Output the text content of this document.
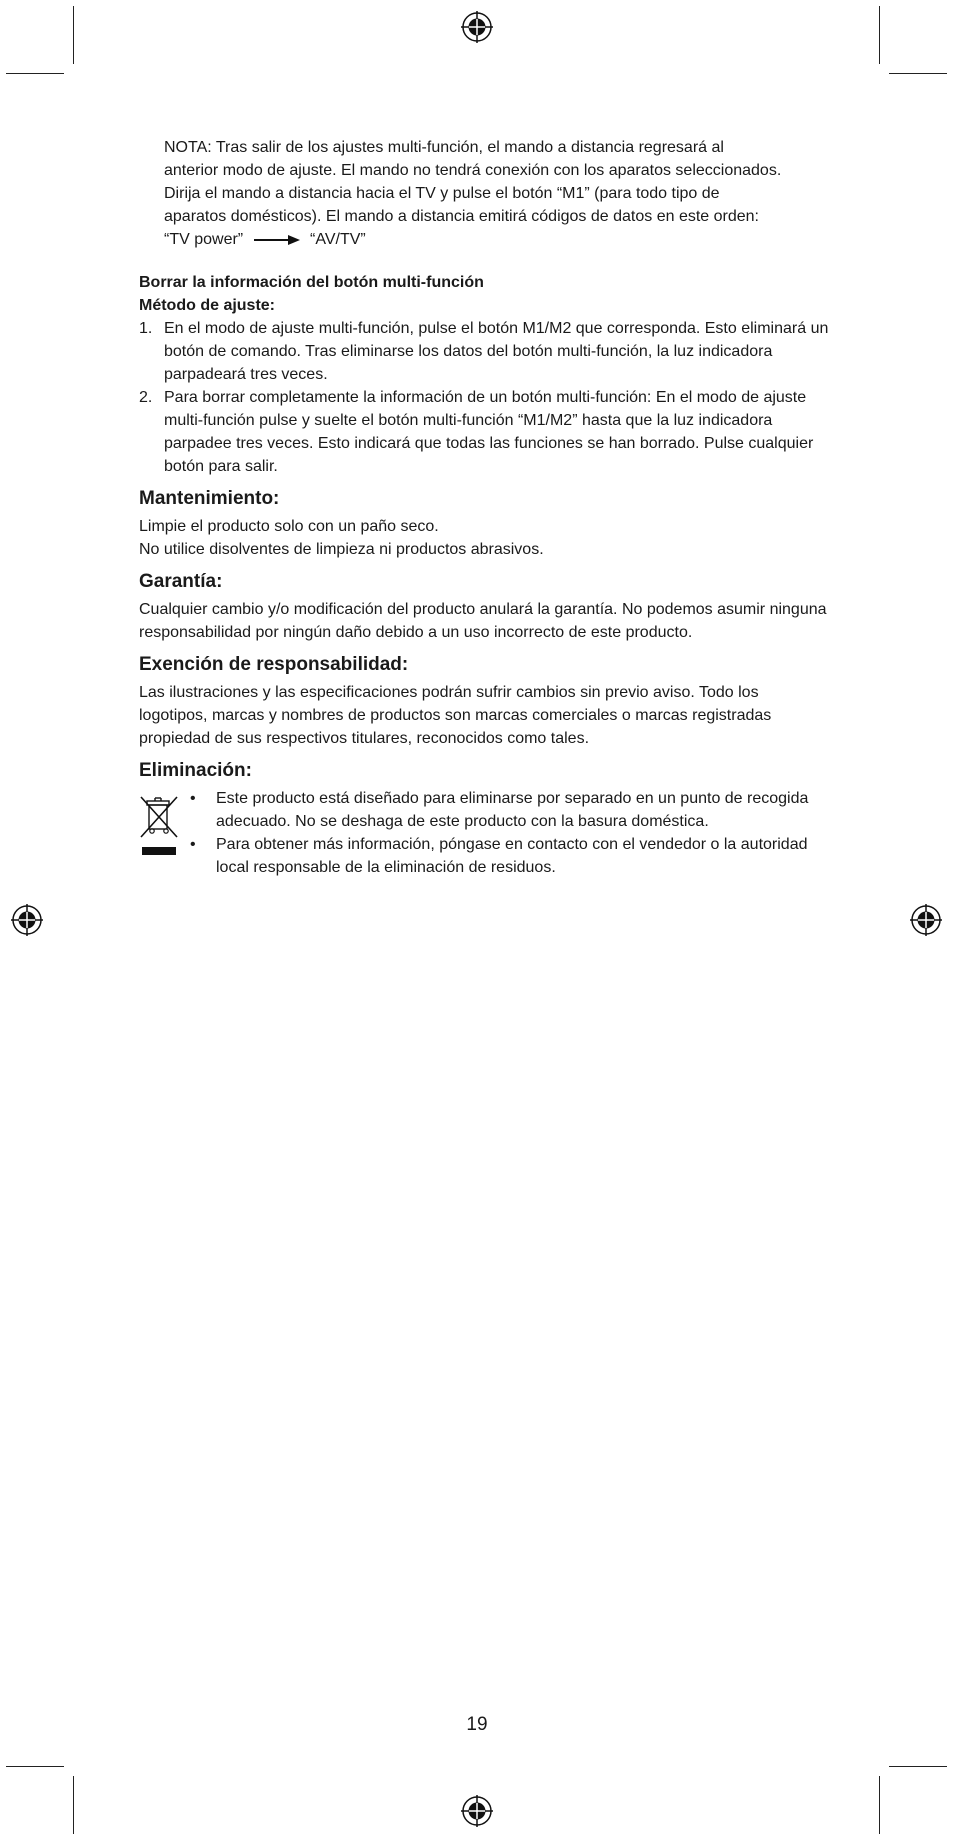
NOTA: Tras salir de los ajustes multi-función, el mando a distancia regresará al
anterior modo de ajuste. El mando no tendrá conexión con los aparatos seleccionados.
Dirija el mando a distancia hacia el TV y pulse el botón “M1” (para todo tipo de
aparatos domésticos). El mando a distancia emitirá códigos de datos en este orden:
“TV power”	“AV/TV”
Borrar la información del botón multi-función
Método de ajuste:
1. En el modo de ajuste multi-función, pulse el botón M1/M2 que corresponda. Esto eliminará un botón de comando. Tras eliminarse los datos del botón multi-función, la luz indicadora parpadeará tres veces.
2. Para borrar completamente la información de un botón multi-función: En el modo de ajuste multi-función pulse y suelte el botón multi-función “M1/M2” hasta que la luz indicadora parpadee tres veces. Esto indicará que todas las funciones se han borrado. Pulse cualquier botón para salir.
Mantenimiento:

Limpie el producto solo con un paño seco.

No utilice disolventes de limpieza ni productos abrasivos.

Garantía:

Cualquier cambio y/o modificación del producto anulará la garantía. No podemos asumir ninguna responsabilidad por ningún daño debido a un uso incorrecto de este producto.

Exención de responsabilidad:

Las ilustraciones y las especificaciones podrán sufrir cambios sin previo aviso. Todo los logotipos, marcas y nombres de productos son marcas comerciales o marcas registradas propiedad de sus respectivos titulares, reconocidos como tales.

Eliminación:
• Este producto está diseñado para eliminarse por separado en un punto de recogida adecuado. No se deshaga de este producto con la basura doméstica.
• Para obtener más información, póngase en contacto con el vendedor o la autoridad local responsable de la eliminación de residuos.
19
